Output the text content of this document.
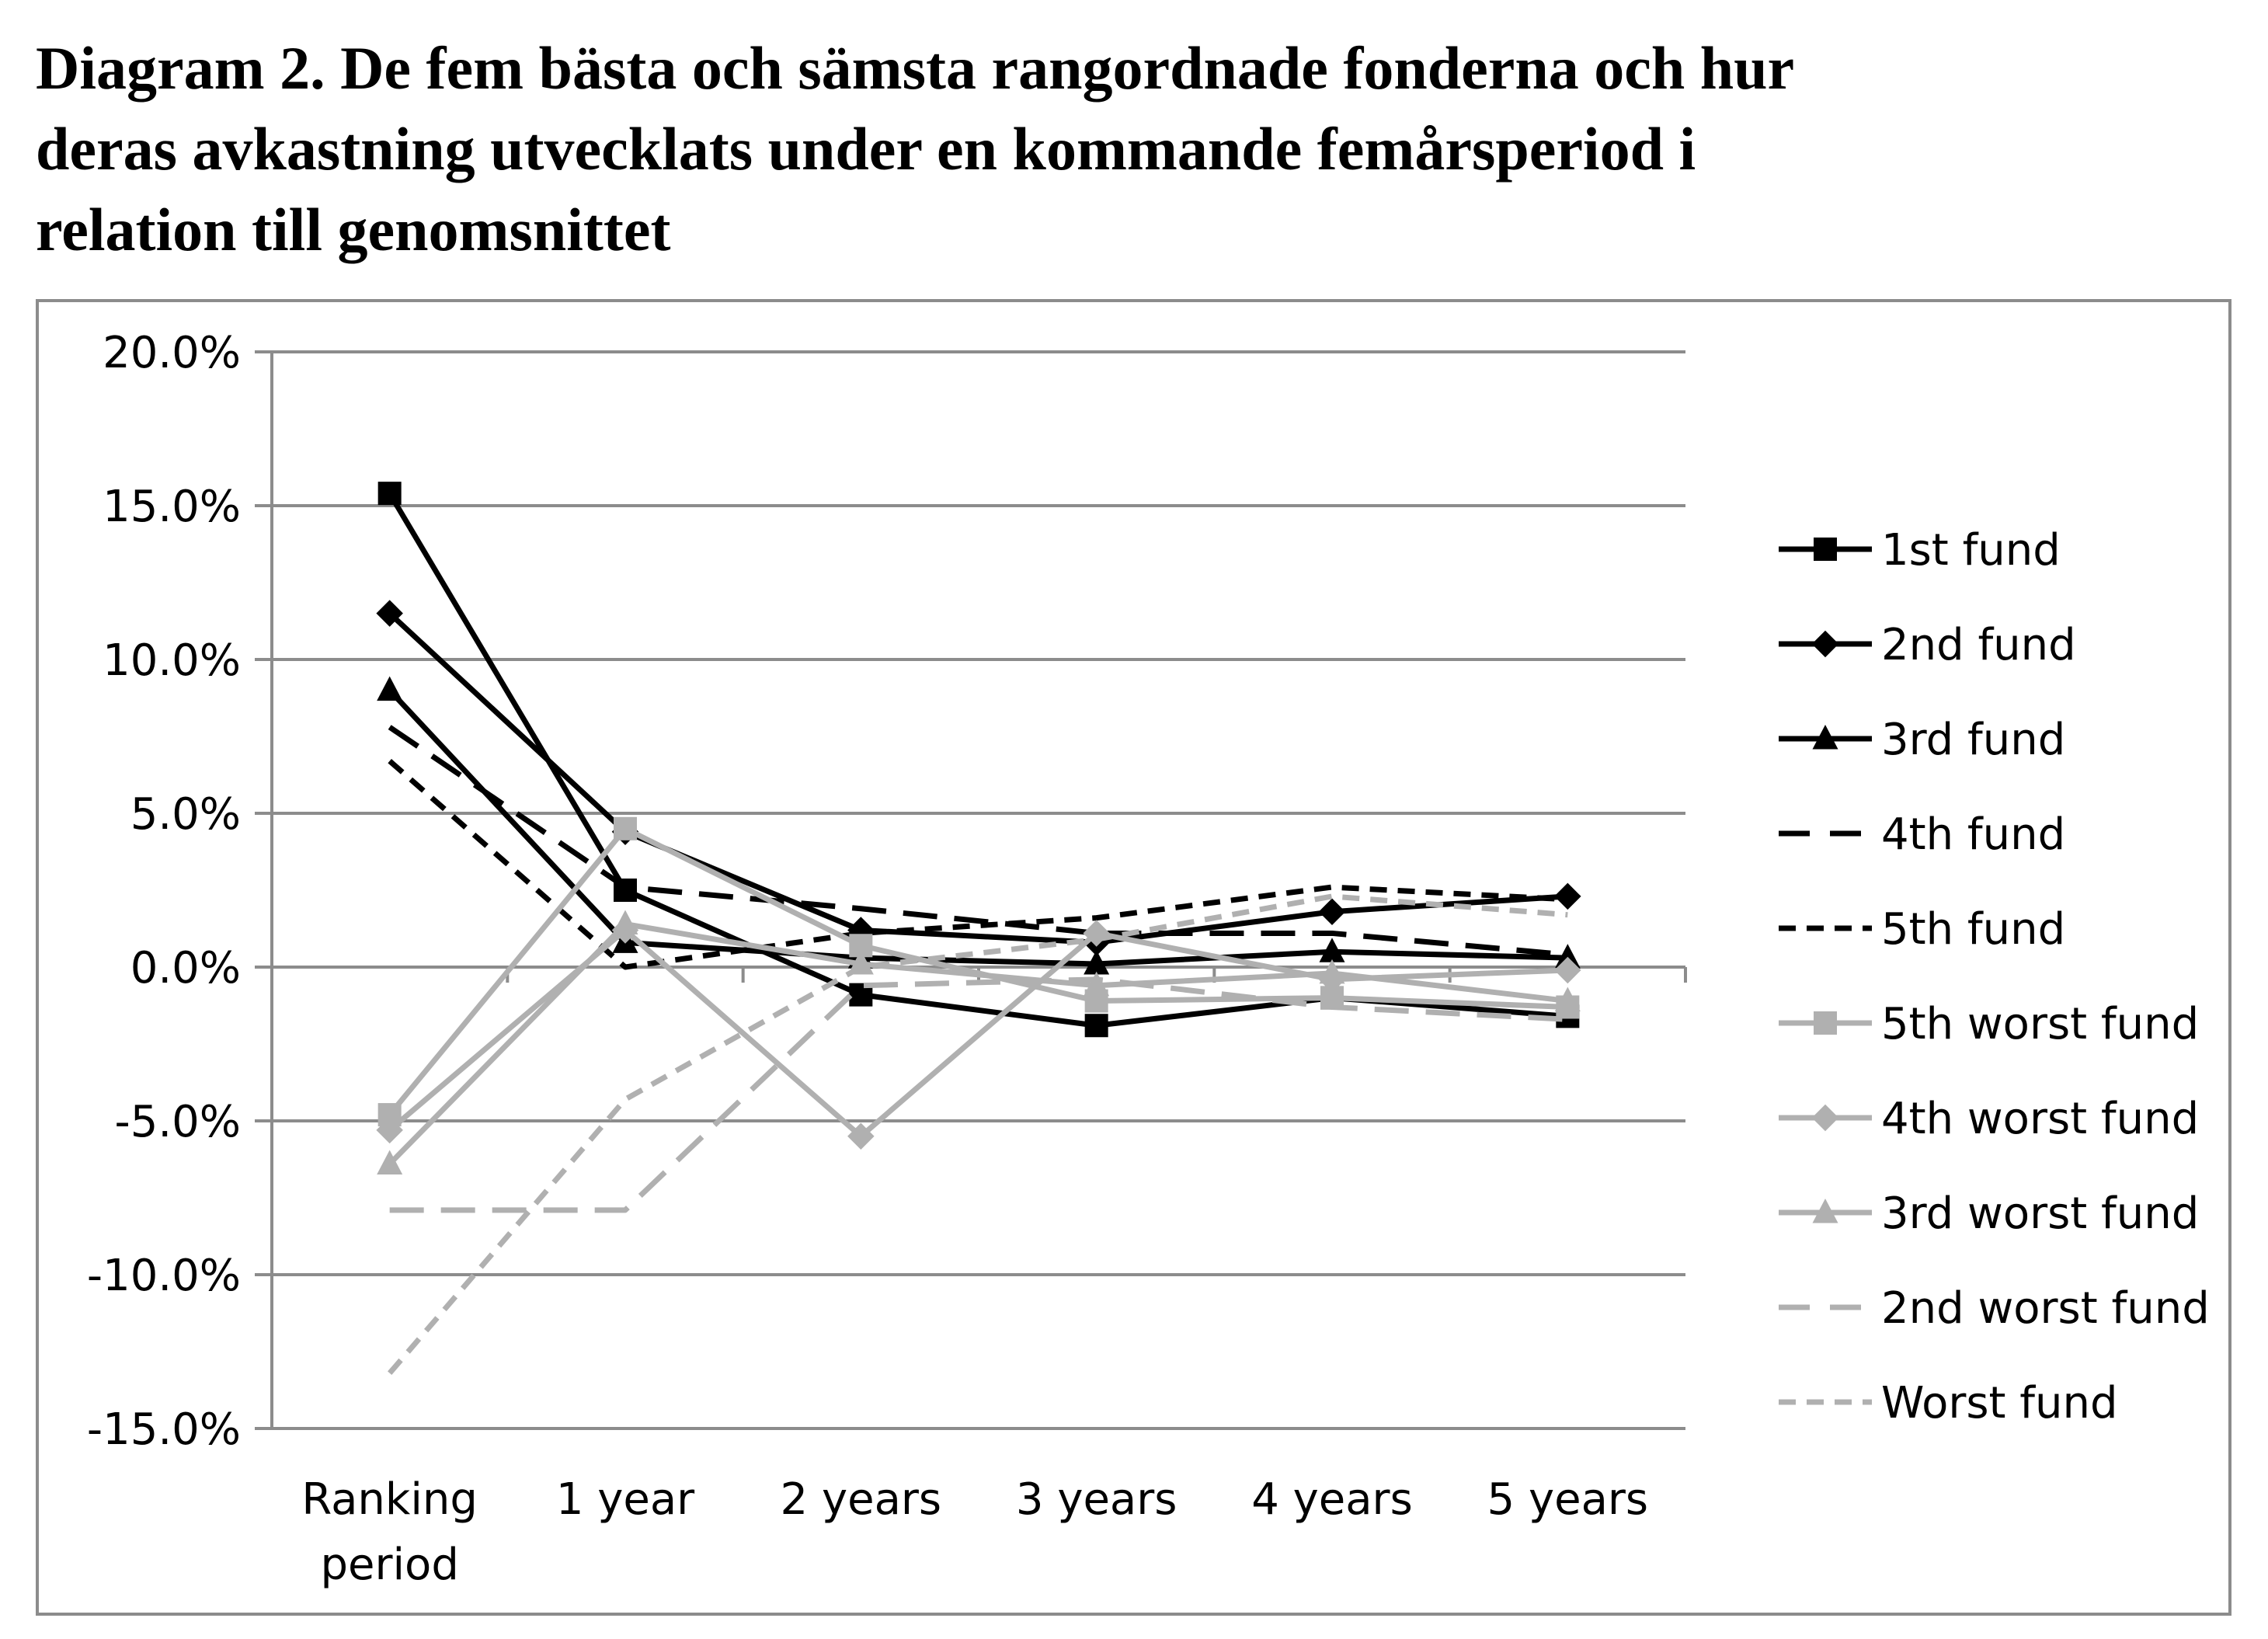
Diagram 2. De fem bästa och sämsta rangordnade fonderna och hur
deras avkastning utvecklats under en kommande femårsperiod i
relation till genomsnittet
20.0%
15.0%
10.0%
5.0%
0.0%
-5.0%
-10.0%
-15.0%
Ranking
period
1 year 2 years 3 years 4 years 5 years
1st fund
2nd fund
3rd fund
4th fund
5th fund
5th worst fund
4th worst fund
3rd worst fund
2nd worst fund
Worst fund
